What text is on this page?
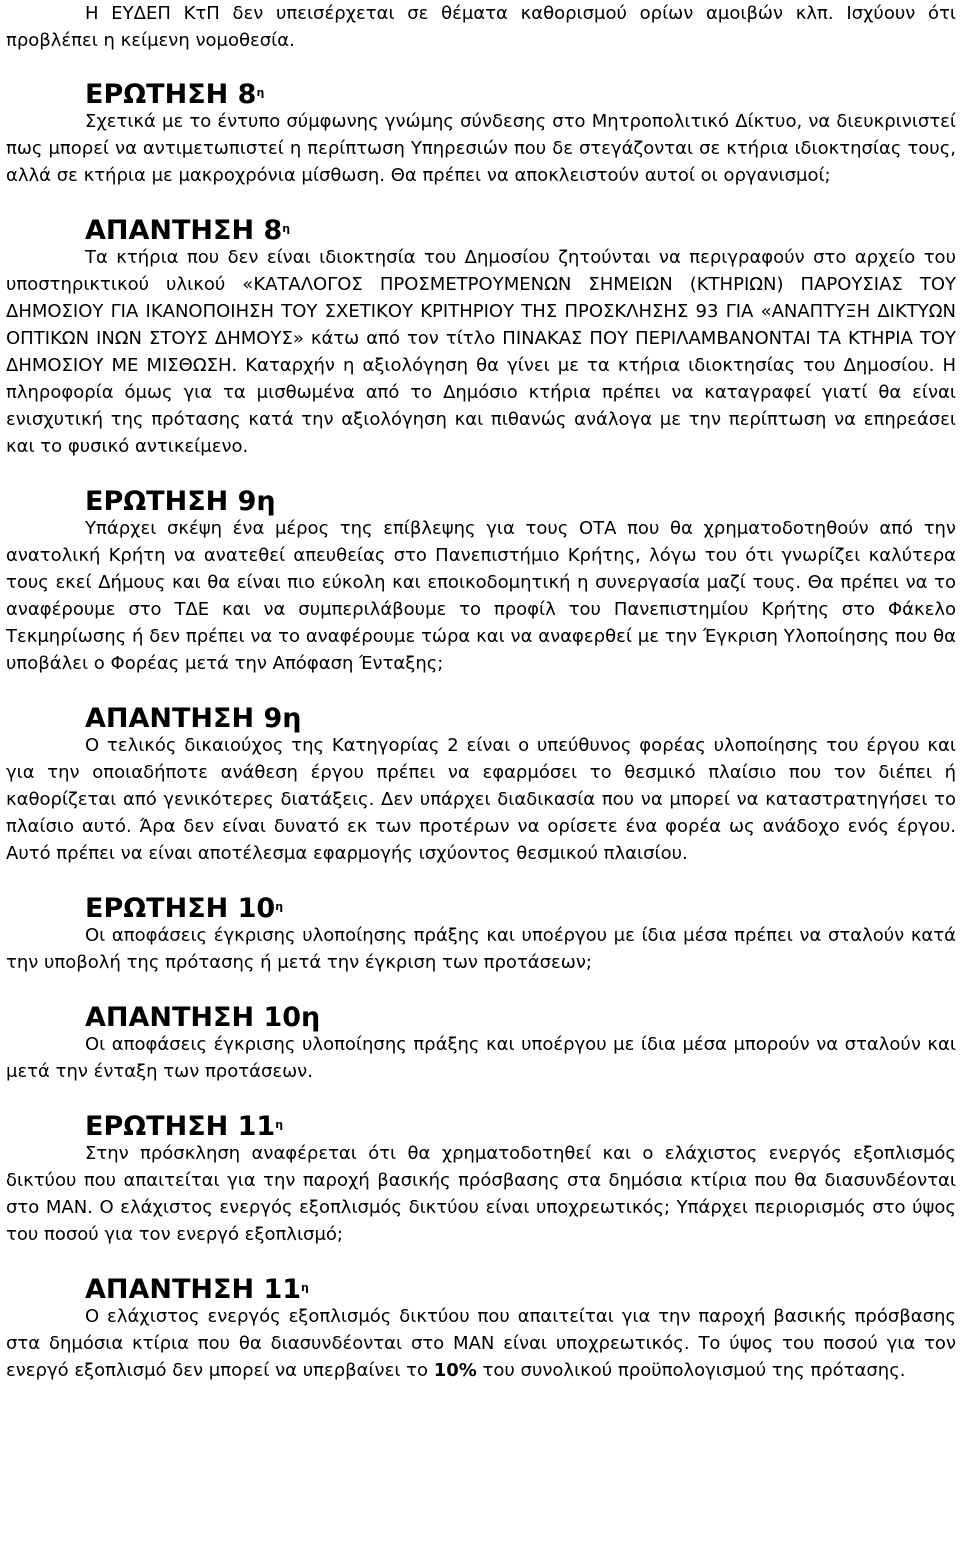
Η ΕΥΔΕΠ ΚτΠ δεν υπεισέρχεται σε θέματα καθορισμού ορίων αμοιβών κλπ. Ισχύουν ότι προβλέπει η κείμενη νομοθεσία.

ΕΡΩΤΗΣΗ $8^\eta$

Σχετικά με το έντυπο σύμφωνης γνώμης σύνδεσης στο Μητροπολιτικό Δίκτυο, να διευκρινιστεί πως μπορεί να αντιμετωπιστεί η περίπτωση Υπηρεσιών που δε στεγάζονται σε κτήρια ιδιοκτησίας τους, αλλά σε κτήρια με μακροχρόνια μίσθωση. Θα πρέπει να αποκλειστούν αυτοί οι οργανισμοί;

ΑΠΑΝΤΗΣΗ $8^\eta$

Τα κτήρια που δεν είναι ιδιοκτησία του Δημοσίου ζητούνται να περιγραφούν στο αρχείο του υποστηρικτικού υλικού «ΚΑΤΑΛΟΓΟΣ ΠΡΟΣΜΕΤΡΟΥΜΕΝΩΝ ΣΗΜΕΙΩΝ (ΚΤΗΡΙΩΝ) ΠΑΡΟΥΣΙΑΣ ΤΟΥ ΔΗΜΟΣΙΟΥ ΓΙΑ ΙΚΑΝΟΠΟΙΗΣΗ ΤΟΥ ΣΧΕΤΙΚΟΥ ΚΡΙΤΗΡΙΟΥ ΤΗΣ ΠΡΟΣΚΛΗΣΗΣ 93 ΓΙΑ «ΑΝΑΠΤΥΞΗ ΔΙΚΤΥΩΝ ΟΠΤΙΚΩΝ ΙΝΩΝ ΣΤΟΥΣ ΔΗΜΟΥΣ» κάτω από τον τίτλο ΠΙΝΑΚΑΣ ΠΟΥ ΠΕΡΙΛΑΜΒΑΝΟΝΤΑΙ ΤΑ ΚΤΗΡΙΑ ΤΟΥ ΔΗΜΟΣΙΟΥ ΜΕ ΜΙΣΘΩΣΗ. Καταρχήν η αξιολόγηση θα γίνει με τα κτήρια ιδιοκτησίας του Δημοσίου. Η πληροφορία όμως για τα μισθωμένα από το Δημόσιο κτήρια πρέπει να καταγραφεί γιατί θα είναι ενισχυτική της πρότασης κατά την αξιολόγηση και πιθανώς ανάλογα με την περίπτωση να επηρεάσει και το φυσικό αντικείμενο.

ΕΡΩΤΗΣΗ 9η

Υπάρχει σκέψη ένα μέρος της επίβλεψης για τους ΟΤΑ που θα χρηματοδοτηθούν από την ανατολική Κρήτη να ανατεθεί απευθείας στο Πανεπιστήμιο Κρήτης, λόγω του ότι γνωρίζει καλύτερα τους εκεί Δήμους και θα είναι πιο εύκολη και εποικοδομητική η συνεργασία μαζί τους. Θα πρέπει να το αναφέρουμε στο ΤΔΕ και να συμπεριλάβουμε το προφίλ του Πανεπιστημίου Κρήτης στο Φάκελο Τεκμηρίωσης ή δεν πρέπει να το αναφέρουμε τώρα και να αναφερθεί με την Έγκριση Υλοποίησης που θα υποβάλει ο Φορέας μετά την Απόφαση Ένταξης;

ΑΠΑΝΤΗΣΗ 9η

Ο τελικός δικαιούχος της Κατηγορίας 2 είναι ο υπεύθυνος φορέας υλοποίησης του έργου και για την οποιαδήποτε ανάθεση έργου πρέπει να εφαρμόσει το θεσμικό πλαίσιο που τον διέπει ή καθορίζεται από γενικότερες διατάξεις. Δεν υπάρχει διαδικασία που να μπορεί να καταστρατηγήσει το πλαίσιο αυτό. Άρα δεν είναι δυνατό εκ των προτέρων να ορίσετε ένα φορέα ως ανάδοχο ενός έργου. Αυτό πρέπει να είναι αποτέλεσμα εφαρμογής ισχύοντος θεσμικού πλαισίου.

ΕΡΩΤΗΣΗ $10^\eta$

Οι αποφάσεις έγκρισης υλοποίησης πράξης και υποέργου με ίδια μέσα πρέπει να σταλούν κατά την υποβολή της πρότασης ή μετά την έγκριση των προτάσεων;

ΑΠΑΝΤΗΣΗ 10η

Οι αποφάσεις έγκρισης υλοποίησης πράξης και υποέργου με ίδια μέσα μπορούν να σταλούν και μετά την ένταξη των προτάσεων.

ΕΡΩΤΗΣΗ $11^\eta$

Στην πρόσκληση αναφέρεται ότι θα χρηματοδοτηθεί και ο ελάχιστος ενεργός εξοπλισμός δικτύου που απαιτείται για την παροχή βασικής πρόσβασης στα δημόσια κτίρια που θα διασυνδέονται στο MAN. Ο ελάχιστος ενεργός εξοπλισμός δικτύου είναι υποχρεωτικός; Υπάρχει περιορισμός στο ύψος του ποσού για τον ενεργό εξοπλισμό;

ΑΠΑΝΤΗΣΗ $11^\eta$

Ο ελάχιστος ενεργός εξοπλισμός δικτύου που απαιτείται για την παροχή βασικής πρόσβασης στα δημόσια κτίρια που θα διασυνδέονται στο MAN είναι υποχρεωτικός. Το ύψος του ποσού για τον ενεργό εξοπλισμό δεν μπορεί να υπερβαίνει το 10% του συνολικού προϋπολογισμού της πρότασης.
